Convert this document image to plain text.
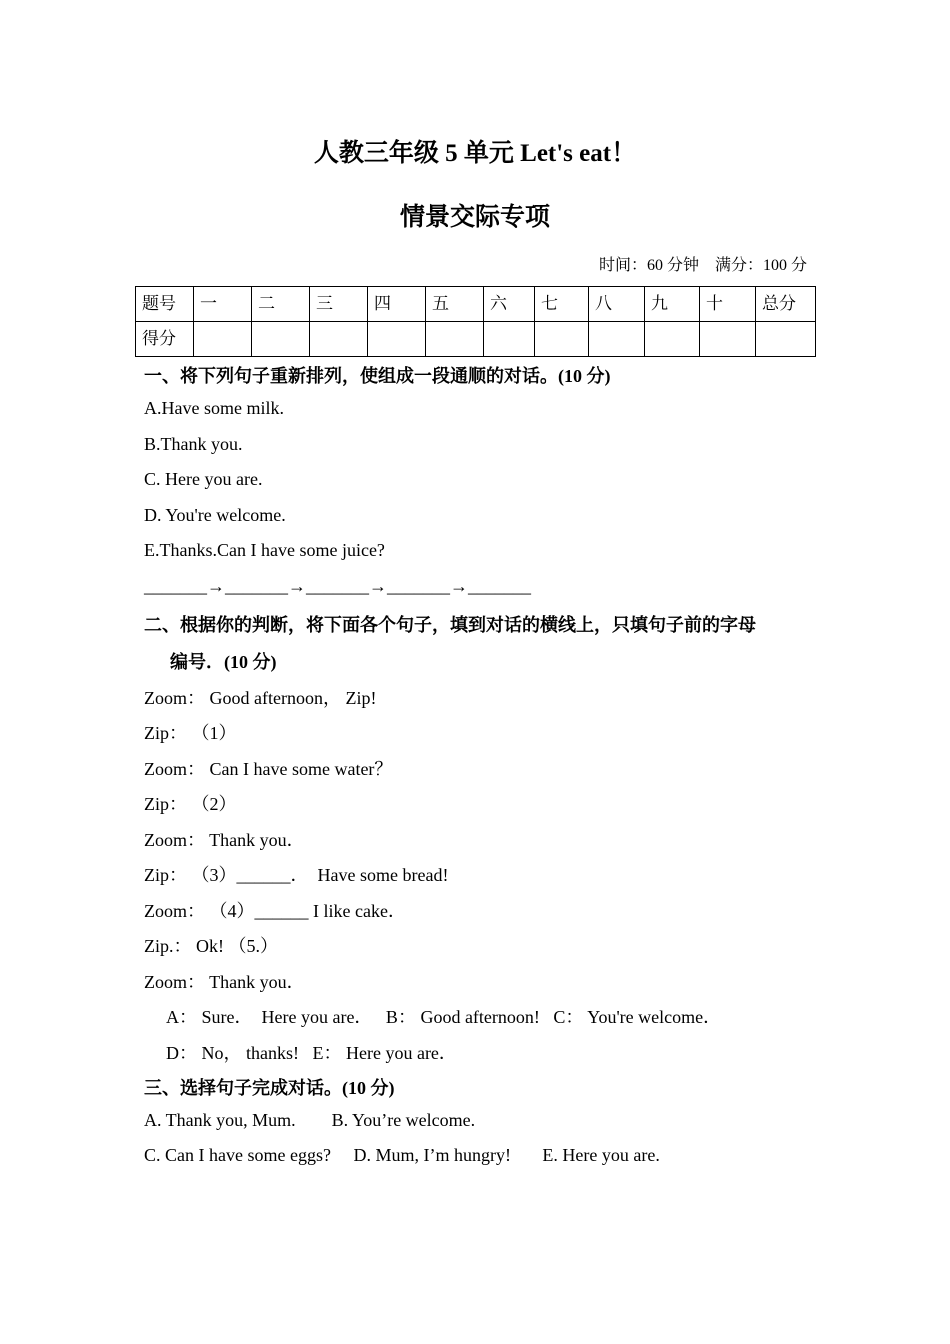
人教三年级 5 单元 Let's eat！
情景交际专项
时间：60 分钟    满分：100 分
题号	一	二	三	四	五	六	七	八	九	十	总分
得分											
一、将下列句子重新排列，使组成一段通顺的对话。(10 分)
A.Have some milk.
B.Thank you.
C. Here you are.
D. You're welcome.
E.Thanks.Can I have some juice?
_______→_______→_______→_______→_______
二、根据你的判断，将下面各个句子，填到对话的横线上，只填句子前的字母
编号．(10 分)
Zoom： Good afternoon， Zip!
Zip： （1）
Zoom： Can I have some water？
Zip： （2）
Zoom： Thank you．
Zip： （3）______．  Have some bread!
Zoom： （4）______ I like cake．
Zip.： Ok! （5.）
Zoom： Thank you．
A： Sure．  Here you are．   B： Good afternoon!   C： You're welcome．
D： No， thanks!   E： Here you are．
三、选择句子完成对话。(10 分)
A. Thank you, Mum.        B. You’re welcome.
C. Can I have some eggs?     D. Mum, I’m hungry!       E. Here you are.
